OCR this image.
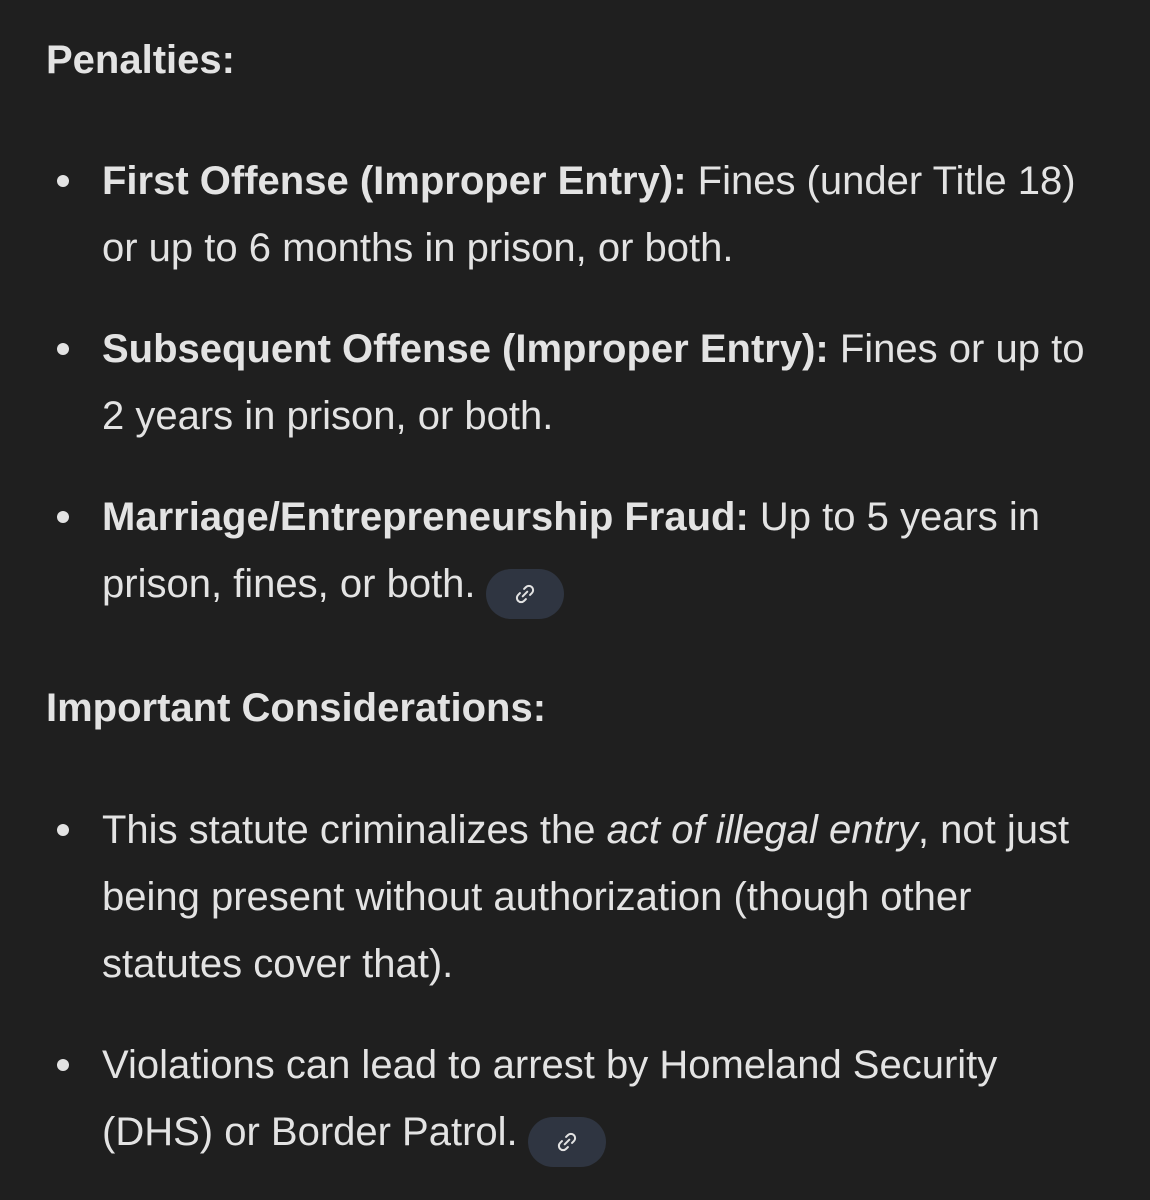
Penalties:
First Offense (Improper Entry): Fines (under Title 18) or up to 6 months in prison, or both.
Subsequent Offense (Improper Entry): Fines or up to 2 years in prison, or both.
Marriage/Entrepreneurship Fraud: Up to 5 years in prison, fines, or both.
Important Considerations:
This statute criminalizes the act of illegal entry, not just being present without authorization (though other statutes cover that).
Violations can lead to arrest by Homeland Security (DHS) or Border Patrol.
